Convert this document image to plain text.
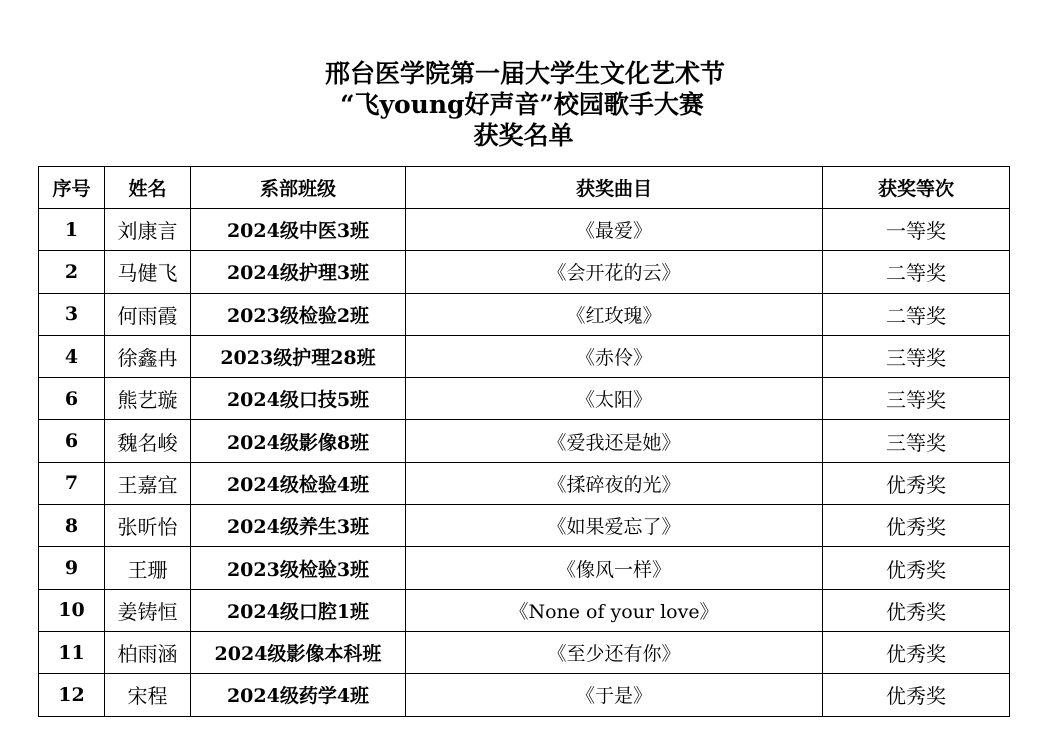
邢台医学院第一届大学生文化艺术节
“飞young好声音”校园歌手大赛
获奖名单
序号	姓名	系部班级	获奖曲目	获奖等次
1	刘康言	2024级中医3班	《最爱》	一等奖
2	马健飞	2024级护理3班	《会开花的云》	二等奖
3	何雨霞	2023级检验2班	《红玫瑰》	二等奖
4	徐鑫冉	2023级护理28班	《赤伶》	三等奖
6	熊艺璇	2024级口技5班	《太阳》	三等奖
6	魏名峻	2024级影像8班	《爱我还是她》	三等奖
7	王嘉宜	2024级检验4班	《揉碎夜的光》	优秀奖
8	张昕怡	2024级养生3班	《如果爱忘了》	优秀奖
9	王珊	2023级检验3班	《像风一样》	优秀奖
10	姜铸恒	2024级口腔1班	《None of your love》	优秀奖
11	柏雨涵	2024级影像本科班	《至少还有你》	优秀奖
12	宋程	2024级药学4班	《于是》	优秀奖
